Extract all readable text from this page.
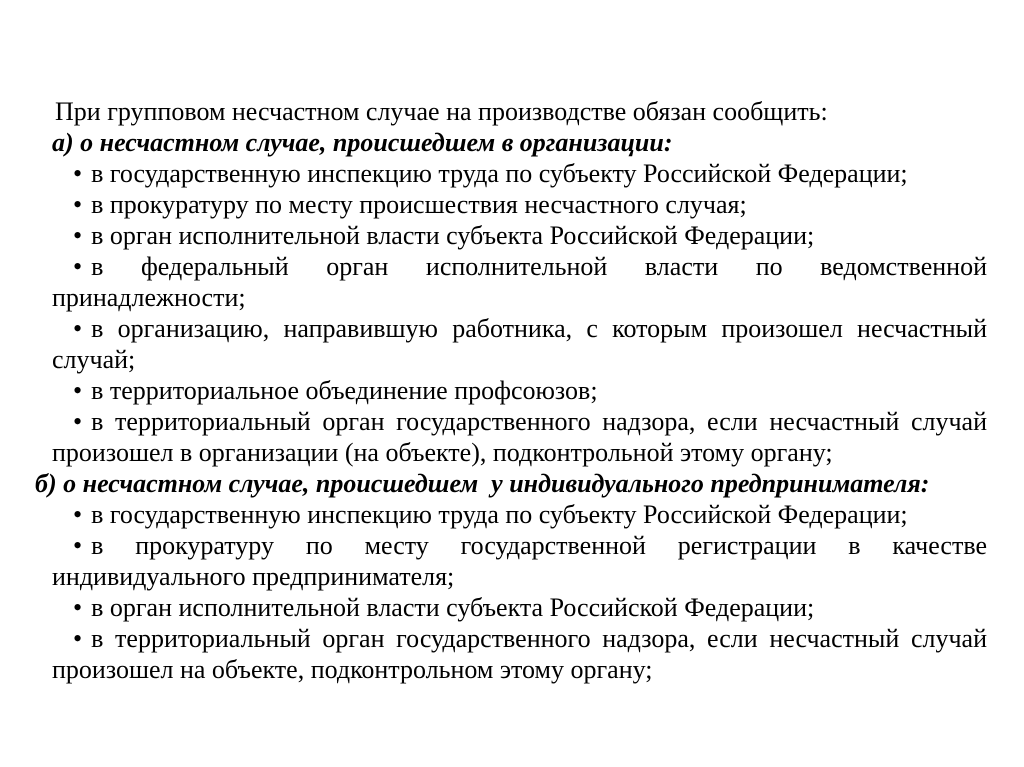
При групповом несчастном случае на производстве обязан сообщить:

а) о несчастном случае, происшедшем в организации:

• в государственную инспекцию труда по субъекту Российской Федерации;

• в прокуратуру по месту происшествия несчастного случая;

• в орган исполнительной власти субъекта Российской Федерации;

• в федеральный орган исполнительной власти по ведомственной принадлежности;

• в организацию, направившую работника, с которым произошел несчастный случай;

• в территориальное объединение профсоюзов;

• в территориальный орган государственного надзора, если несчастный случай произошел в организации (на объекте), подконтрольной этому органу;

б) о несчастном случае, происшедшем  у индивидуального предпринимателя:

• в государственную инспекцию труда по субъекту Российской Федерации;

• в прокуратуру по месту государственной регистрации в качестве индивидуального предпринимателя;

• в орган исполнительной власти субъекта Российской Федерации;

• в территориальный орган государственного надзора, если несчастный случай произошел на объекте, подконтрольном этому органу;
